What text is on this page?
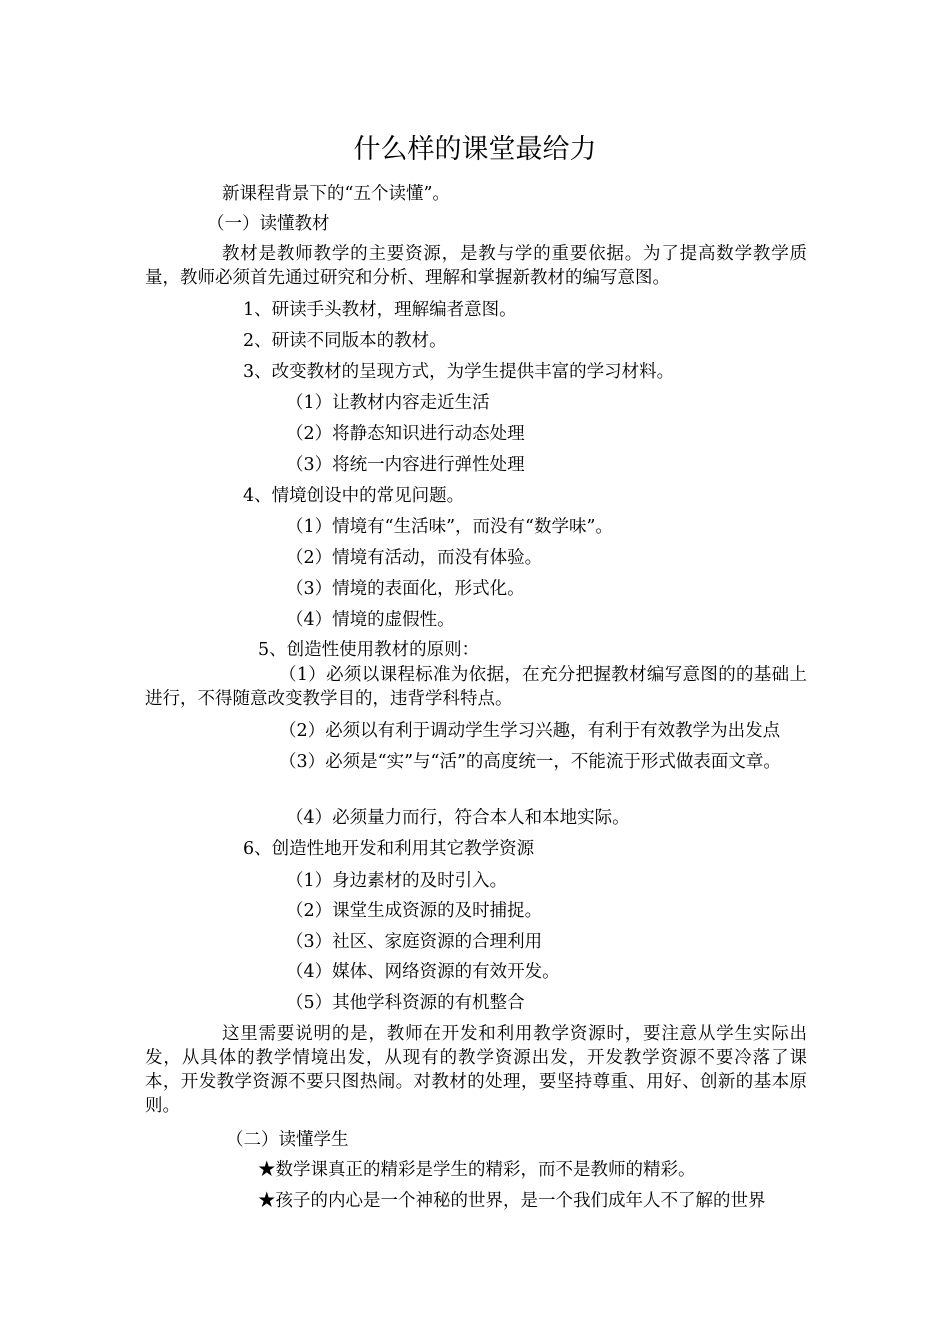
什么样的课堂最给力
新课程背景下的“五个读懂”。
（一）读懂教材

教材是教师教学的主要资源，是教与学的重要依据。为了提高数学教学质量，教师必须首先通过研究和分析、理解和掌握新教材的编写意图。

1、研读手头教材，理解编者意图。
2、研读不同版本的教材。
3、改变教材的呈现方式，为学生提供丰富的学习材料。
（1）让教材内容走近生活
（2）将静态知识进行动态处理
（3）将统一内容进行弹性处理
4、情境创设中的常见问题。
（1）情境有“生活味”，而没有“数学味”。
（2）情境有活动，而没有体验。
（3）情境的表面化，形式化。
（4）情境的虚假性。
5、创造性使用教材的原则：

（1）必须以课程标准为依据，在充分把握教材编写意图的的基础上进行，不得随意改变教学目的，违背学科特点。

（2）必须以有利于调动学生学习兴趣，有利于有效教学为出发点

（3）必须是“实”与“活”的高度统一，不能流于形式做表面文章。

（4）必须量力而行，符合本人和本地实际。
6、创造性地开发和利用其它教学资源
（1）身边素材的及时引入。
（2）课堂生成资源的及时捕捉。
（3）社区、家庭资源的合理利用
（4）媒体、网络资源的有效开发。
（5）其他学科资源的有机整合

这里需要说明的是，教师在开发和利用教学资源时，要注意从学生实际出发，从具体的教学情境出发，从现有的教学资源出发，开发教学资源不要冷落了课本，开发教学资源不要只图热闹。对教材的处理，要坚持尊重、用好、创新的基本原则。

（二）读懂学生
★数学课真正的精彩是学生的精彩，而不是教师的精彩。
★孩子的内心是一个神秘的世界，是一个我们成年人不了解的世界
